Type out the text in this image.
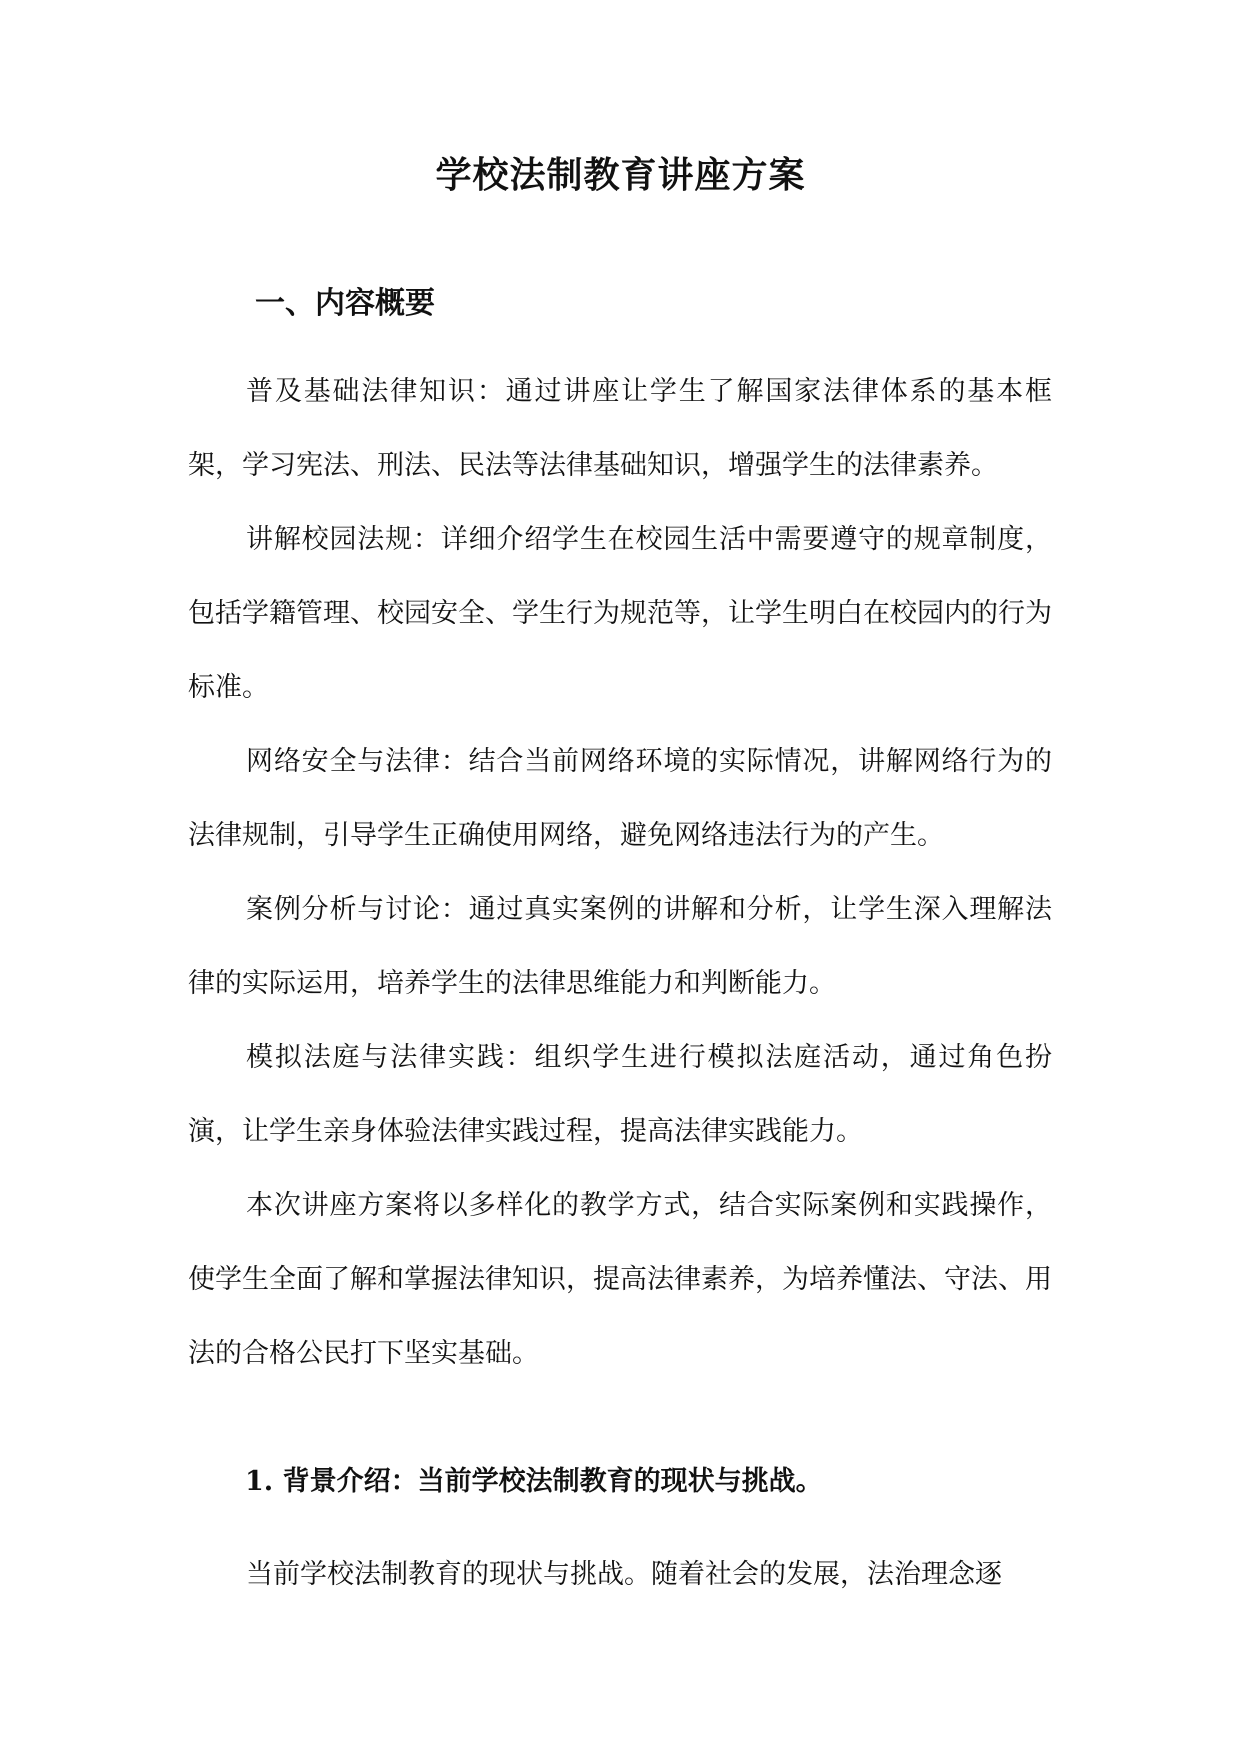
学校法制教育讲座方案
一、内容概要

普及基础法律知识：通过讲座让学生了解国家法律体系的基本框架，学习宪法、刑法、民法等法律基础知识，增强学生的法律素养。

讲解校园法规：详细介绍学生在校园生活中需要遵守的规章制度，包括学籍管理、校园安全、学生行为规范等，让学生明白在校园内的行为标准。

网络安全与法律：结合当前网络环境的实际情况，讲解网络行为的法律规制，引导学生正确使用网络，避免网络违法行为的产生。

案例分析与讨论：通过真实案例的讲解和分析，让学生深入理解法律的实际运用，培养学生的法律思维能力和判断能力。

模拟法庭与法律实践：组织学生进行模拟法庭活动，通过角色扮演，让学生亲身体验法律实践过程，提高法律实践能力。

本次讲座方案将以多样化的教学方式，结合实际案例和实践操作，使学生全面了解和掌握法律知识，提高法律素养，为培养懂法、守法、用法的合格公民打下坚实基础。

1. 背景介绍：当前学校法制教育的现状与挑战。

当前学校法制教育的现状与挑战。随着社会的发展，法治理念逐
